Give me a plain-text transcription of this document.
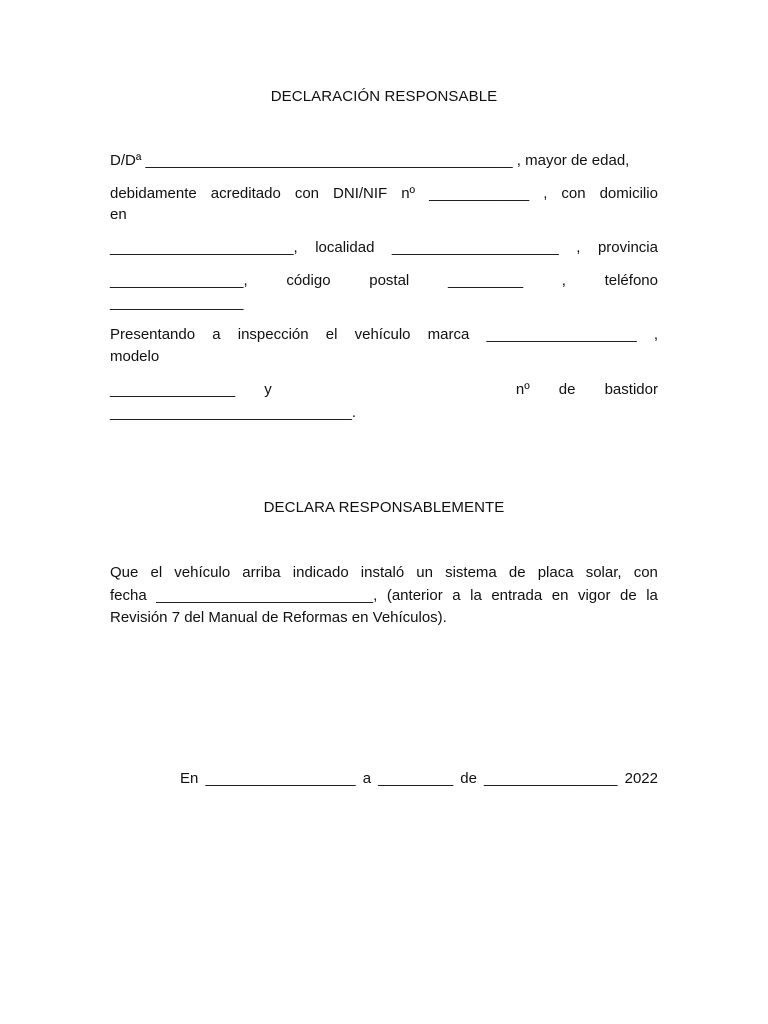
DECLARACIÓN RESPONSABLE
D/Dª ____________________________________________ , mayor de edad,
debidamente acreditado con DNI/NIF nº ____________ , con domicilio
en
______________________, localidad ____________________ , provincia
________________,	código	postal	_________	,	teléfono
________________
Presentando a inspección el vehículo marca __________________ ,
modelo
_______________ y	nº de bastidor
_____________________________.
DECLARA RESPONSABLEMENTE
Que el vehículo arriba indicado instaló un sistema de placa solar, con
fecha __________________________, (anterior a la entrada en vigor de la
Revisión 7 del Manual de Reformas en Vehículos).
En __________________ a _________ de ________________ 2022
